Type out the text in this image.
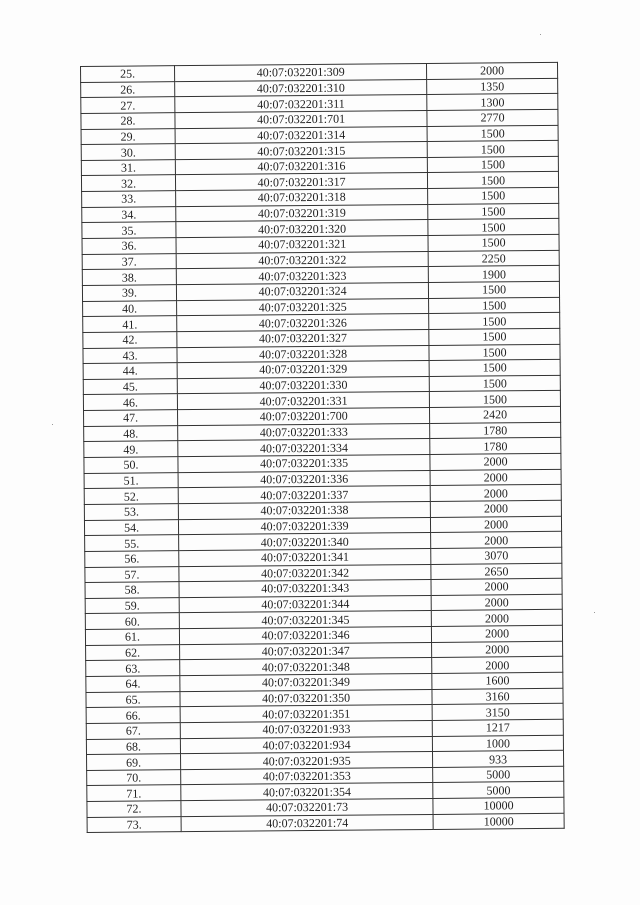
25.	40:07:032201:309	2000
26.	40:07:032201:310	1350
27.	40:07:032201:311	1300
28.	40:07:032201:701	2770
29.	40:07:032201:314	1500
30.	40:07:032201:315	1500
31.	40:07:032201:316	1500
32.	40:07:032201:317	1500
33.	40:07:032201:318	1500
34.	40:07:032201:319	1500
35.	40:07:032201:320	1500
36.	40:07:032201:321	1500
37.	40:07:032201:322	2250
38.	40:07:032201:323	1900
39.	40:07:032201:324	1500
40.	40:07:032201:325	1500
41.	40:07:032201:326	1500
42.	40:07:032201:327	1500
43.	40:07:032201:328	1500
44.	40:07:032201:329	1500
45.	40:07:032201:330	1500
46.	40:07:032201:331	1500
47.	40:07:032201:700	2420
48.	40:07:032201:333	1780
49.	40:07:032201:334	1780
50.	40:07:032201:335	2000
51.	40:07:032201:336	2000
52.	40:07:032201:337	2000
53.	40:07:032201:338	2000
54.	40:07:032201:339	2000
55.	40:07:032201:340	2000
56.	40:07:032201:341	3070
57.	40:07:032201:342	2650
58.	40:07:032201:343	2000
59.	40:07:032201:344	2000
60.	40:07:032201:345	2000
61.	40:07:032201:346	2000
62.	40:07:032201:347	2000
63.	40:07:032201:348	2000
64.	40:07:032201:349	1600
65.	40:07:032201:350	3160
66.	40:07:032201:351	3150
67.	40:07:032201:933	1217
68.	40:07:032201:934	1000
69.	40:07:032201:935	933
70.	40:07:032201:353	5000
71.	40:07:032201:354	5000
72.	40:07:032201:73	10000
73.	40:07:032201:74	10000
